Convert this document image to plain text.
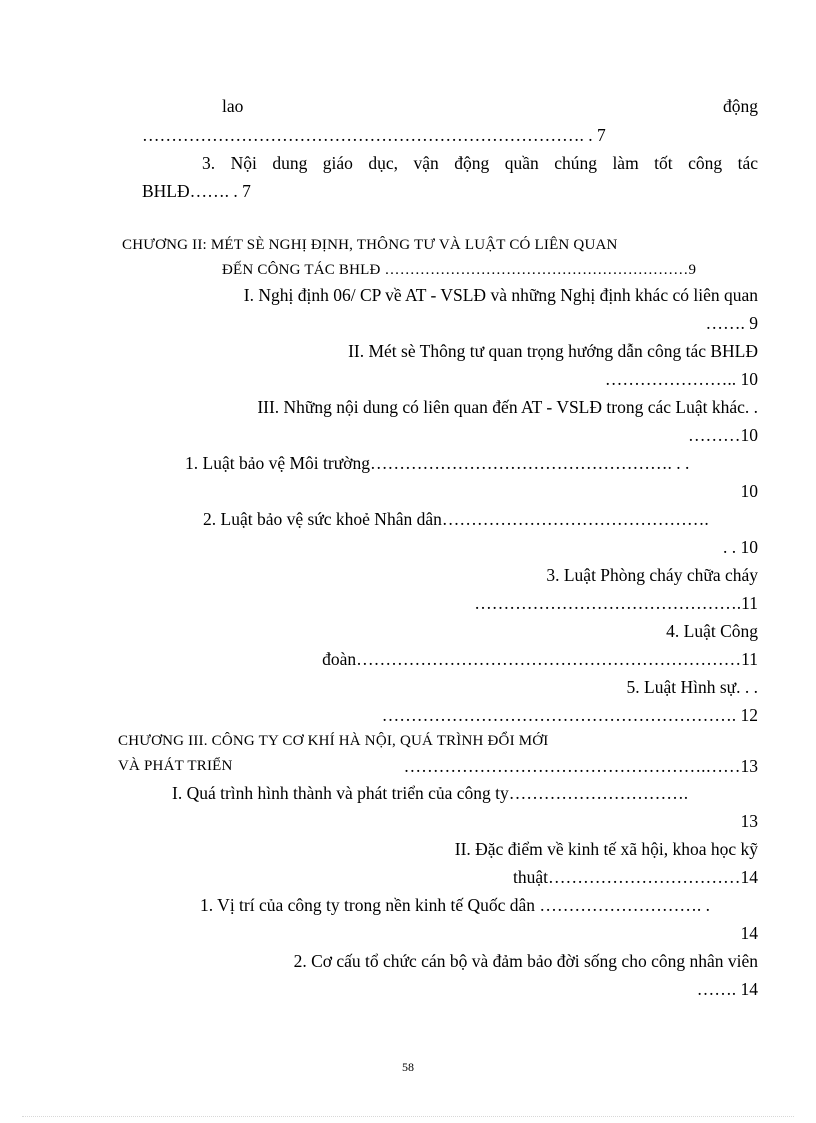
lao	động
…………………………………………………………………. . 7
3. Nội dung giáo dục, vận động quần chúng làm tốt công tác
BHLĐ……. . 7
CHƯƠNG II: MÉT SÈ NGHỊ ĐỊNH, THÔNG TƯ VÀ LUẬT CÓ LIÊN QUAN
ĐẾN CÔNG TÁC BHLĐ ……………………………………………………9
I. Nghị định 06/ CP về AT - VSLĐ và những Nghị định khác có liên quan
……. 9
II. Mét sè Thông tư quan trọng hướng dẫn công tác BHLĐ
………………….. 10
III. Những nội dung có liên quan đến AT - VSLĐ trong các Luật khác. .
………10
1. Luật bảo vệ Môi trường……………………………………………. . .
10
2. Luật bảo vệ sức khoẻ Nhân dân……………………………………….
. . 10
3. Luật Phòng cháy chữa cháy
……………………………………….11
4. Luật Công
đoàn…………………………………………………………11
5. Luật Hình sự. . .
……………………………………………………. 12
CHƯƠNG III. CÔNG TY CƠ KHÍ HÀ NỘI, QUÁ TRÌNH ĐỔI MỚI
VÀ PHÁT TRIỂN	…………………………………………….……13
I. Quá trình hình thành và phát triển của công ty………………………….
13
II. Đặc điểm về kinh tế xã hội, khoa học kỹ
thuật……………………………14
1. Vị trí của công ty trong nền kinh tế Quốc dân ………………………. .
14
2. Cơ cấu tổ chức cán bộ và đảm bảo đời sống cho công nhân viên
……. 14
58
